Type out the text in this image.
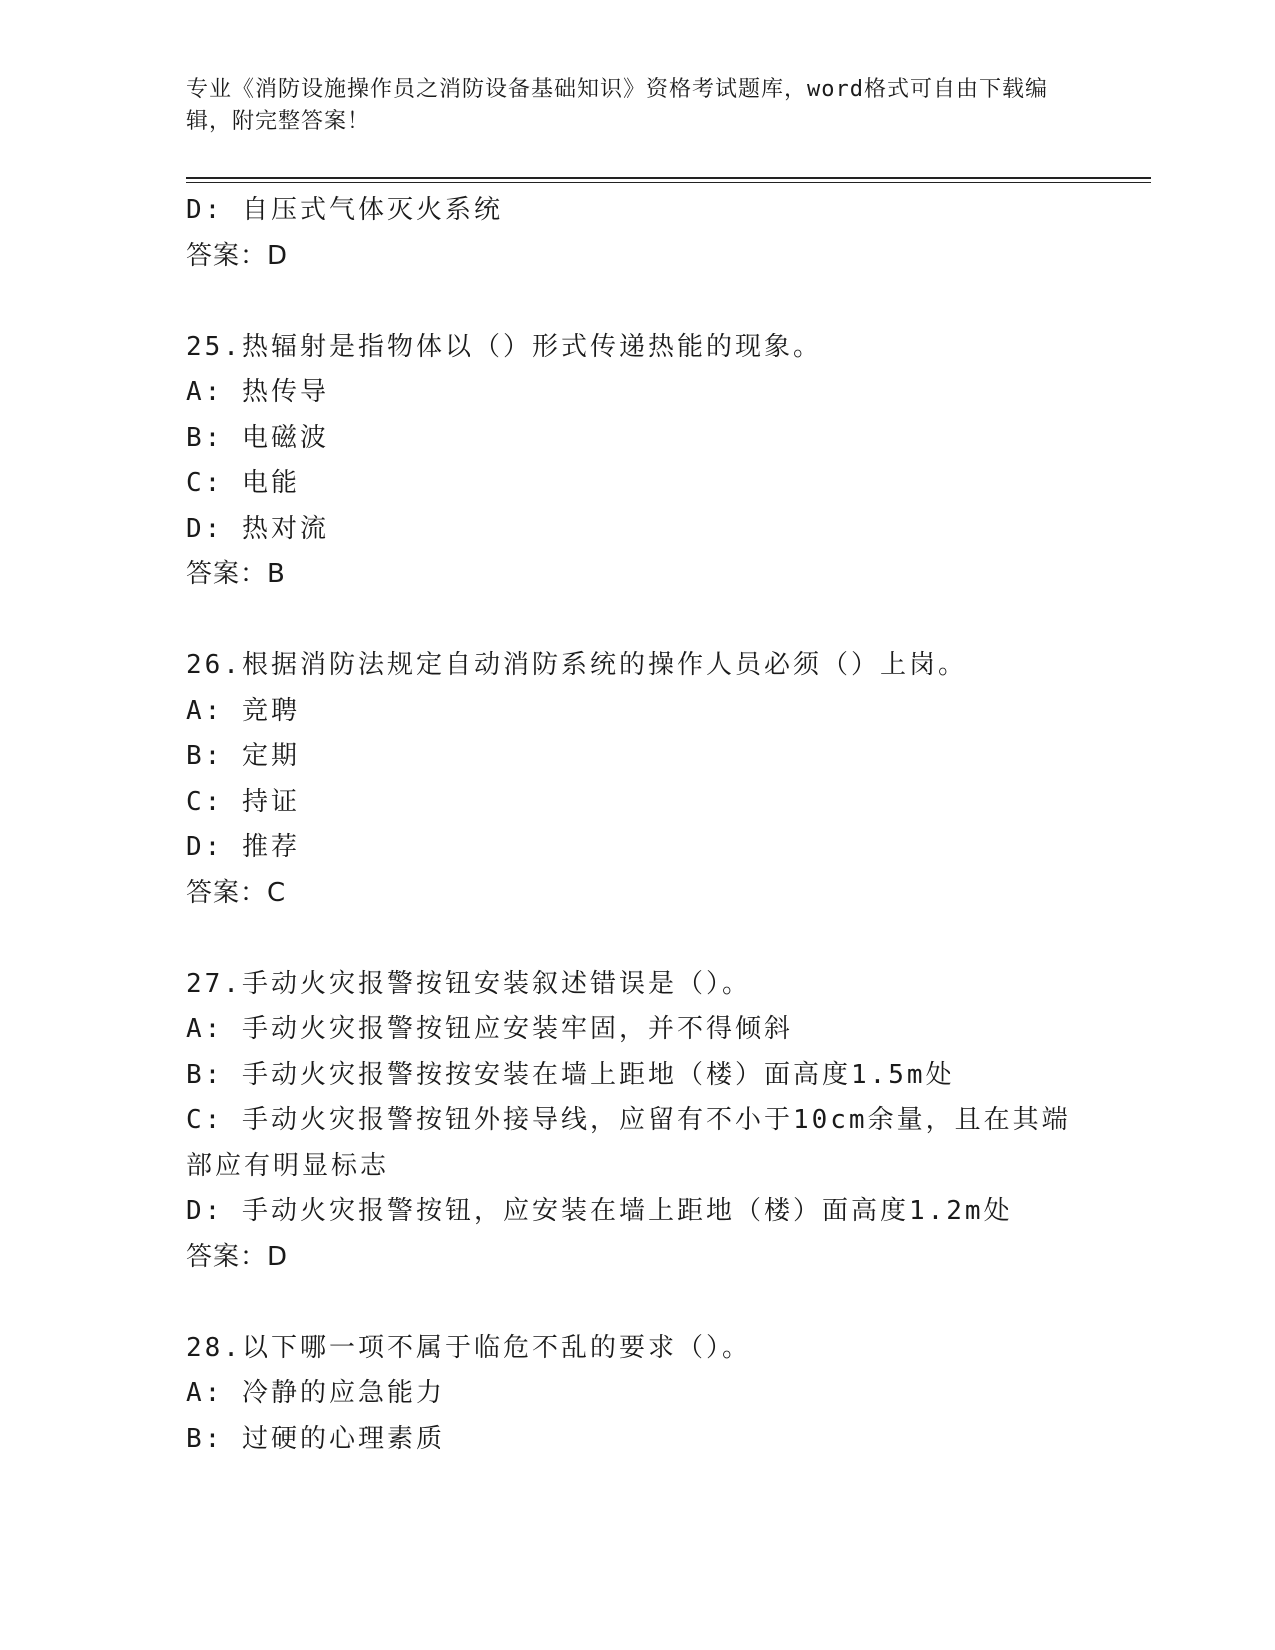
专业《消防设施操作员之消防设备基础知识》资格考试题库，word格式可自由下载编辑，附完整答案！
D: 自压式气体灭火系统
答案：D
25.热辐射是指物体以（）形式传递热能的现象。
A: 热传导
B: 电磁波
C: 电能
D: 热对流
答案：B
26.根据消防法规定自动消防系统的操作人员必须（）上岗。
A: 竞聘
B: 定期
C: 持证
D: 推荐
答案：C
27.手动火灾报警按钮安装叙述错误是（）。
A: 手动火灾报警按钮应安装牢固，并不得倾斜
B: 手动火灾报警按按安装在墙上距地（楼）面高度1.5m处
C: 手动火灾报警按钮外接导线，应留有不小于10cm余量，且在其端部应有明显标志
D: 手动火灾报警按钮，应安装在墙上距地（楼）面高度1.2m处
答案：D
28.以下哪一项不属于临危不乱的要求（）。
A: 冷静的应急能力
B: 过硬的心理素质
